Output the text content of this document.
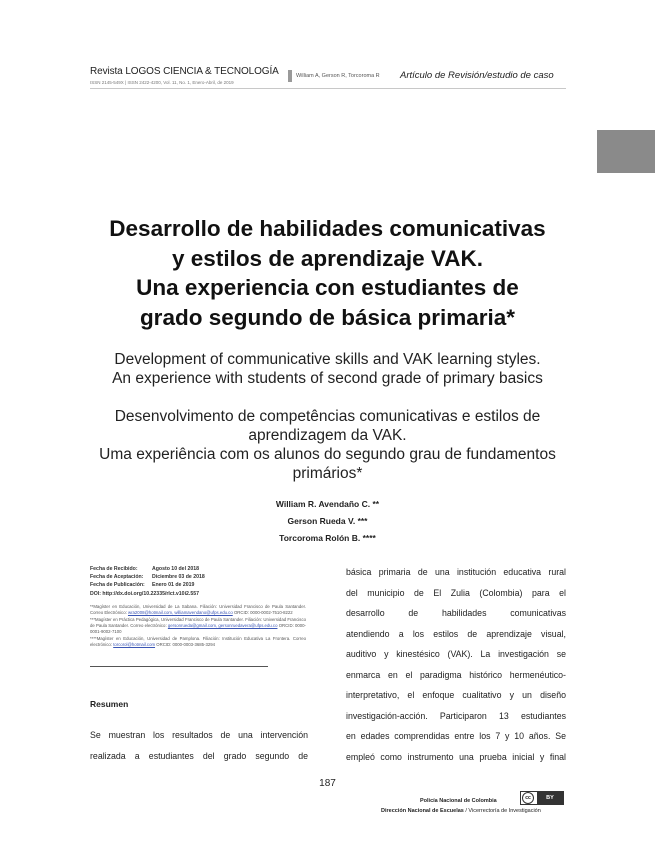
Revista LOGOS CIENCIA & TECNOLOGÍA
ISSN 2145-549X | ISSN 2422-4200, Vol. 11, No. 1, Enero-Abril, de 2019
William A, Gerson R, Torcoroma R Artículo de Revisión/estudio de caso
Desarrollo de habilidades comunicativas
y estilos de aprendizaje VAK.
Una experiencia con estudiantes de
grado segundo de básica primaria*
Development of communicative skills and VAK learning styles.
An experience with students of second grade of primary basics
Desenvolvimento de competências comunicativas e estilos de
aprendizagem da VAK.
Uma experiência com os alunos do segundo grau de fundamentos
primários*
William R. Avendaño C. **
Gerson Rueda V. ***
Torcoroma Rolón B. ****
Fecha de Recibido:	Agosto 10 del 2018
Fecha de Aceptación:	Diciembre 03 de 2018
Fecha de Publicación:	Enero 01 de 2019
DOI:
http://dx.doi.org/10.22335/rlct.v10i2.557

**Magíster en Educación, Universidad de La Sabana. Filiación: Universidad Francisco de Paula Santander. Correo Electrónico: wra2008@hotmail.com, williamavendano@ufps.edu.co ORCID: 0000-0002-7510-8222

***Magíster en Práctica Pedagógica, Universidad Francisco de Paula Santander. Filiación: Universidad Francisco de Paula Santander. Correo electrónico: gersonrueda@gmail.com, gersonruedavera@ufps.edu.co ORCID: 0000-0001-9002-7100

****Magíster en Educación, Universidad de Pamplona. Filiación: Institución Educativa La Frontera. Correo electrónico: torcorol@hotmail.com ORCID: 0000-0003-3685-3294

Resumen
Se muestran los resultados de una intervención
realizada a estudiantes del grado segundo de
básica primaria de una institución educativa rural
del municipio de El Zulia (Colombia) para el
desarrollo de habilidades comunicativas
atendiendo a los estilos de aprendizaje visual,
auditivo y kinestésico (VAK). La investigación se
enmarca en el paradigma histórico hermenéutico-
interpretativo, el enfoque cualitativo y un diseño
investigación-acción. Participaron 13 estudiantes
en edades comprendidas entre los 7 y 10 años. Se
empleó como instrumento una prueba inicial y final
187
cc	BY
Policía Nacional de Colombia
Dirección Nacional de Escuelas / Vicerrectoría de Investigación
